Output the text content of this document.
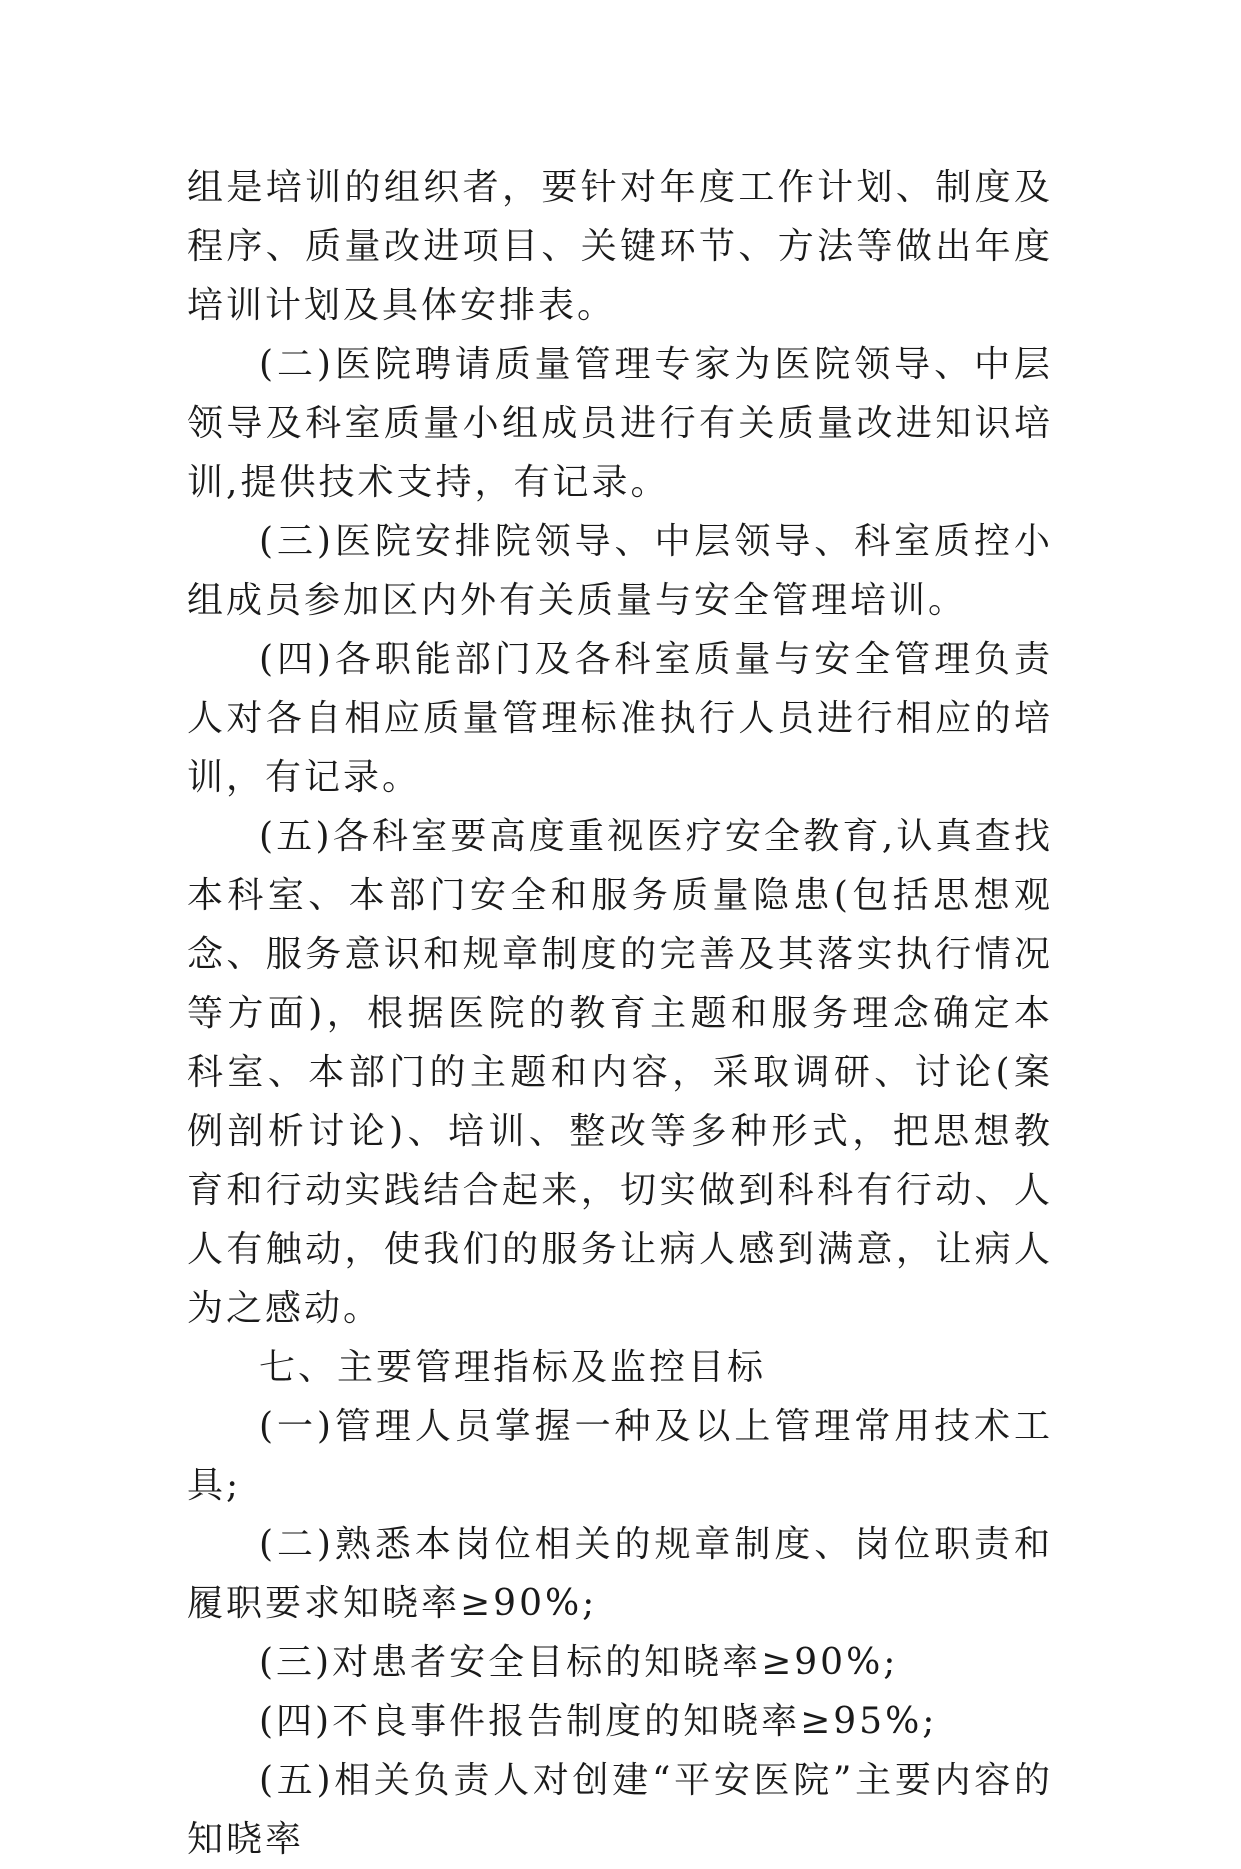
组是培训的组织者，要针对年度工作计划、制度及程序、质量改进项目、关键环节、方法等做出年度培训计划及具体安排表。

(二)医院聘请质量管理专家为医院领导、中层领导及科室质量小组成员进行有关质量改进知识培训,提供技术支持，有记录。

(三)医院安排院领导、中层领导、科室质控小组成员参加区内外有关质量与安全管理培训。

(四)各职能部门及各科室质量与安全管理负责人对各自相应质量管理标准执行人员进行相应的培训，有记录。

(五)各科室要高度重视医疗安全教育,认真查找本科室、本部门安全和服务质量隐患(包括思想观念、服务意识和规章制度的完善及其落实执行情况等方面)，根据医院的教育主题和服务理念确定本科室、本部门的主题和内容，采取调研、讨论(案例剖析讨论)、培训、整改等多种形式，把思想教育和行动实践结合起来，切实做到科科有行动、人人有触动，使我们的服务让病人感到满意，让病人为之感动。

七、主要管理指标及监控目标

(一)管理人员掌握一种及以上管理常用技术工具;

(二)熟悉本岗位相关的规章制度、岗位职责和履职要求知晓率≥90%;

(三)对患者安全目标的知晓率≥90%;

(四)不良事件报告制度的知晓率≥95%;

(五)相关负责人对创建“平安医院”主要内容的知晓率
